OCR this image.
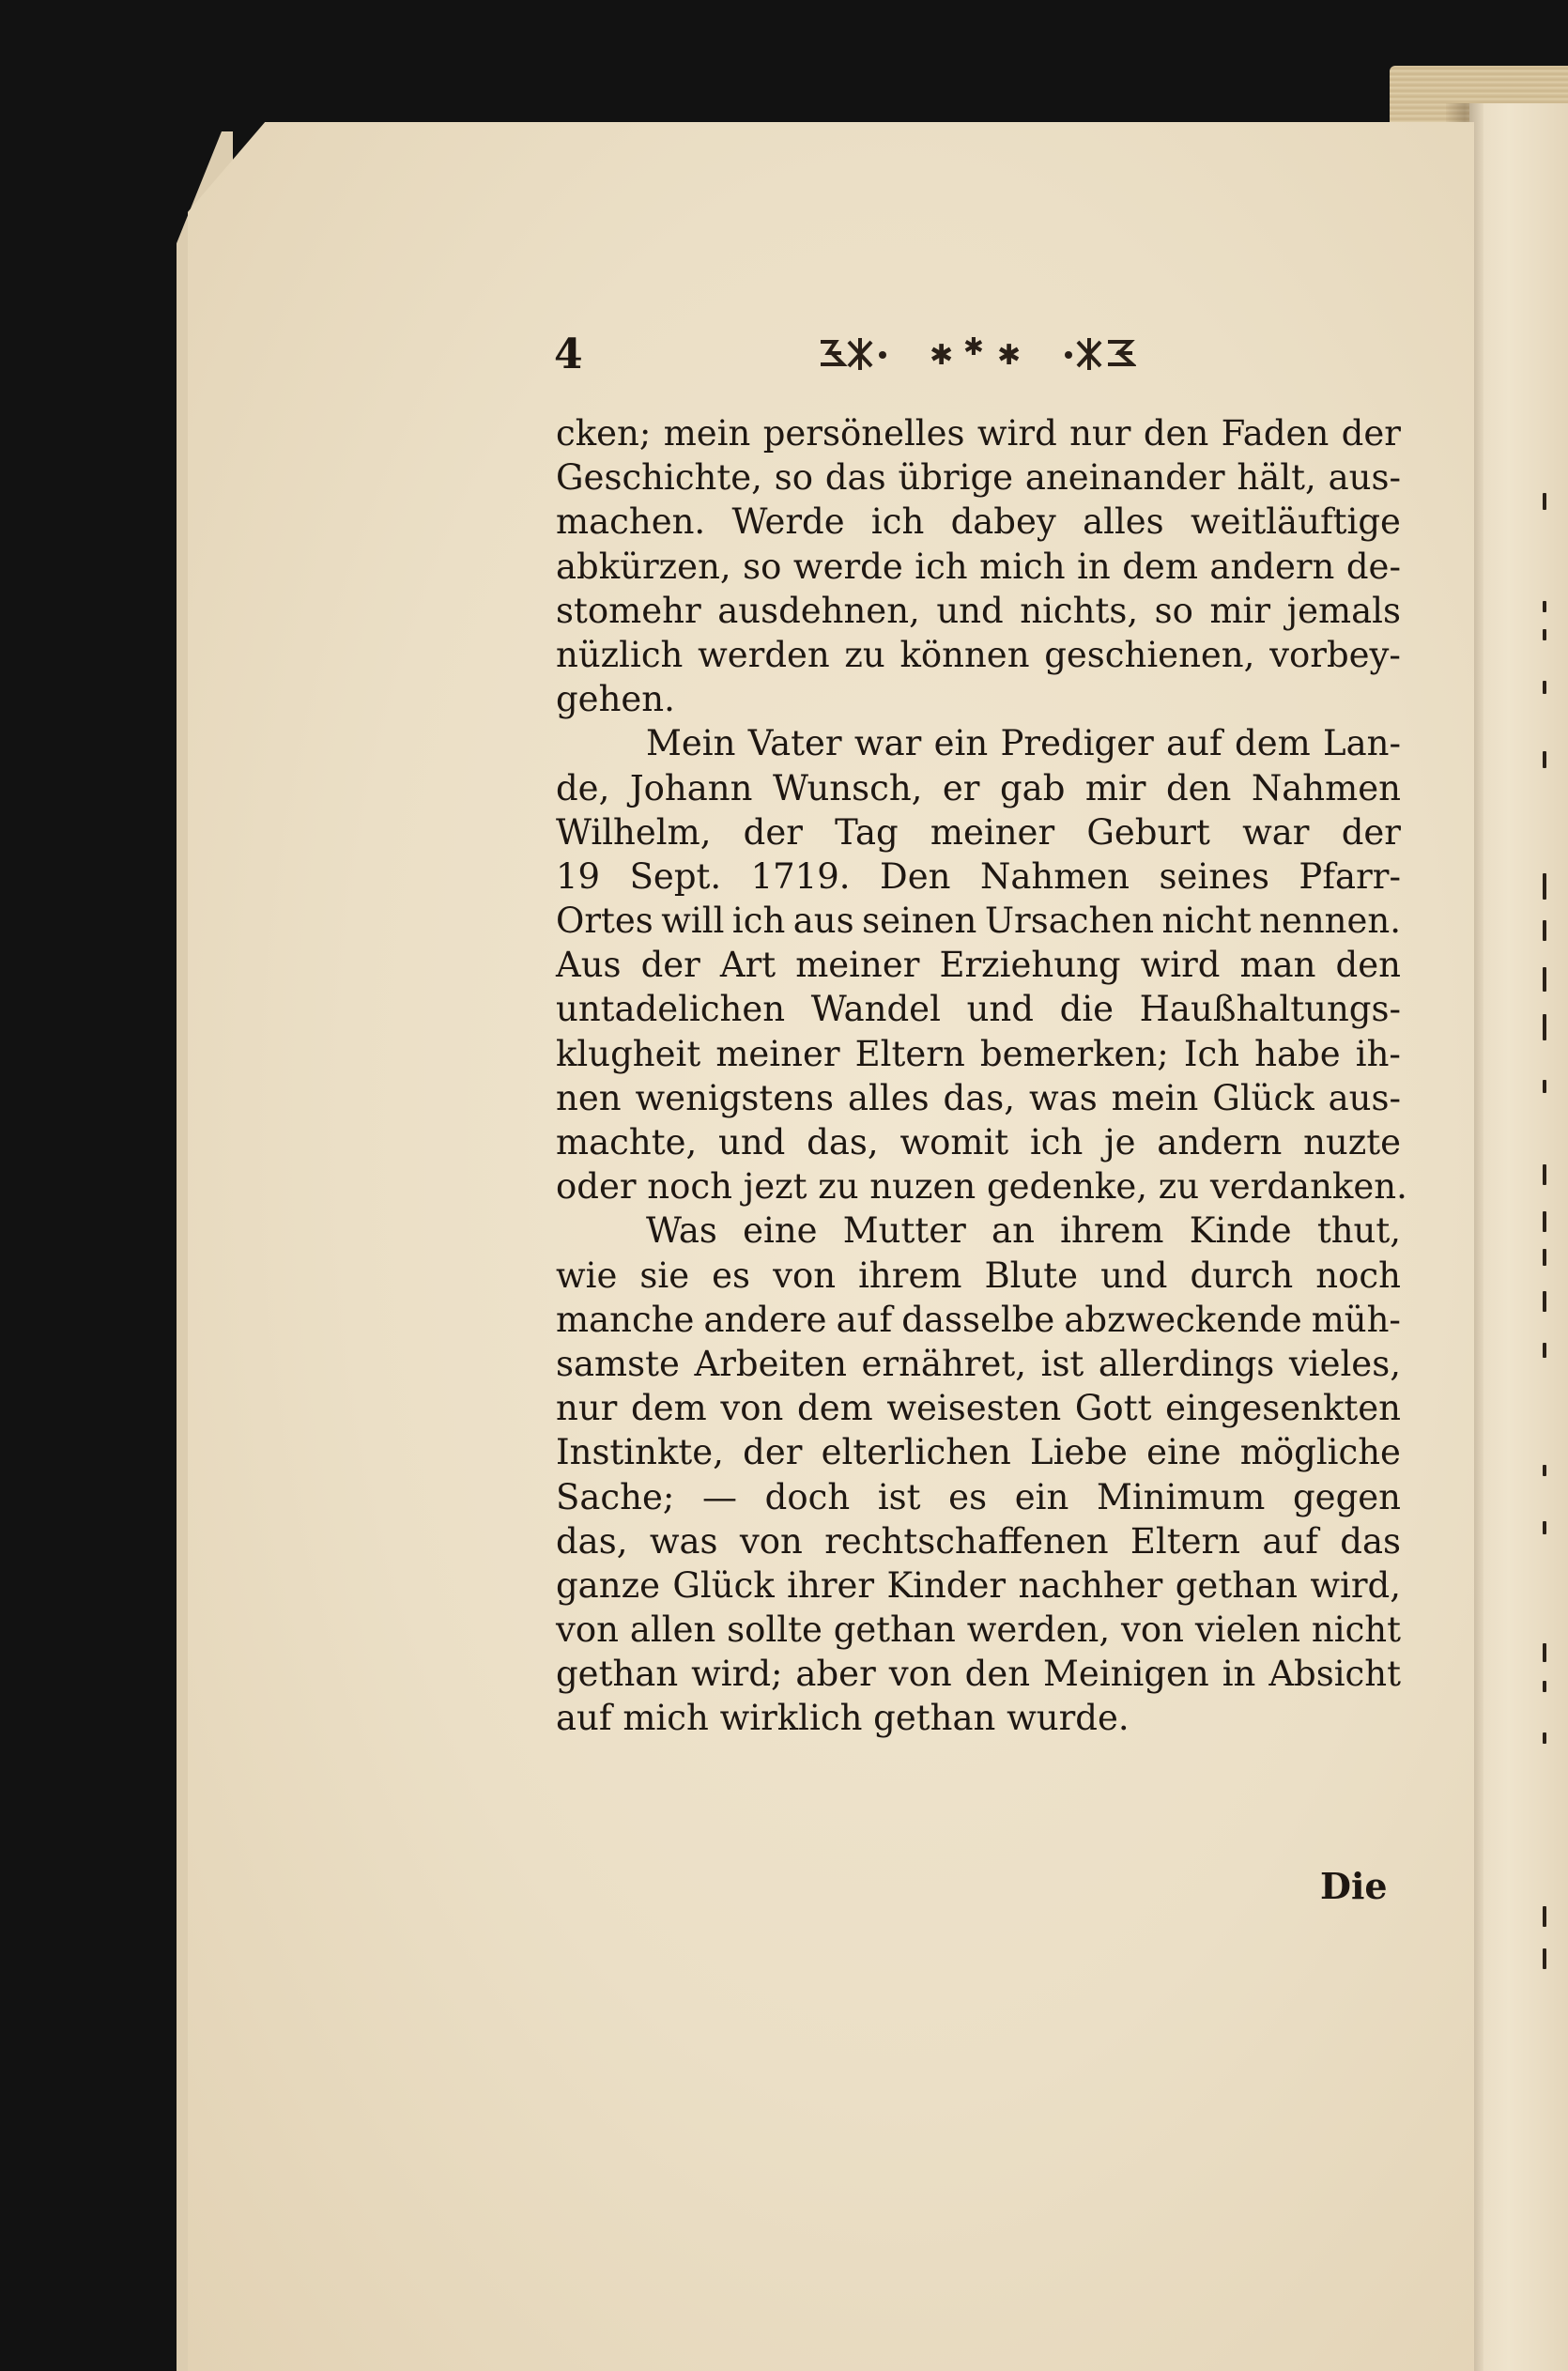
4	✱ ✱ ✱
cken; mein persönelles wird nur den Faden der
Geschichte, so das übrige aneinander hält, aus-
machen. Werde ich dabey alles weitläuftige
abkürzen, so werde ich mich in dem andern de-
stomehr ausdehnen, und nichts, so mir jemals
nüzlich werden zu können geschienen, vorbey-
gehen.
Mein Vater war ein Prediger auf dem Lan-
de, Johann Wunsch, er gab mir den Nahmen
Wilhelm, der Tag meiner Geburt war der
19 Sept. 1719. Den Nahmen seines Pfarr-
Ortes will ich aus seinen Ursachen nicht nennen.
Aus der Art meiner Erziehung wird man den
untadelichen Wandel und die Haußhaltungs-
klugheit meiner Eltern bemerken; Ich habe ih-
nen wenigstens alles das, was mein Glück aus-
machte, und das, womit ich je andern nuzte
oder noch jezt zu nuzen gedenke, zu verdanken.
Was eine Mutter an ihrem Kinde thut,
wie sie es von ihrem Blute und durch noch
manche andere auf dasselbe abzweckende müh-
samste Arbeiten ernähret, ist allerdings vieles,
nur dem von dem weisesten Gott eingesenkten
Instinkte, der elterlichen Liebe eine mögliche
Sache; — doch ist es ein Minimum gegen
das, was von rechtschaffenen Eltern auf das
ganze Glück ihrer Kinder nachher gethan wird,
von allen sollte gethan werden, von vielen nicht
gethan wird; aber von den Meinigen in Absicht
auf mich wirklich gethan wurde.
Die
